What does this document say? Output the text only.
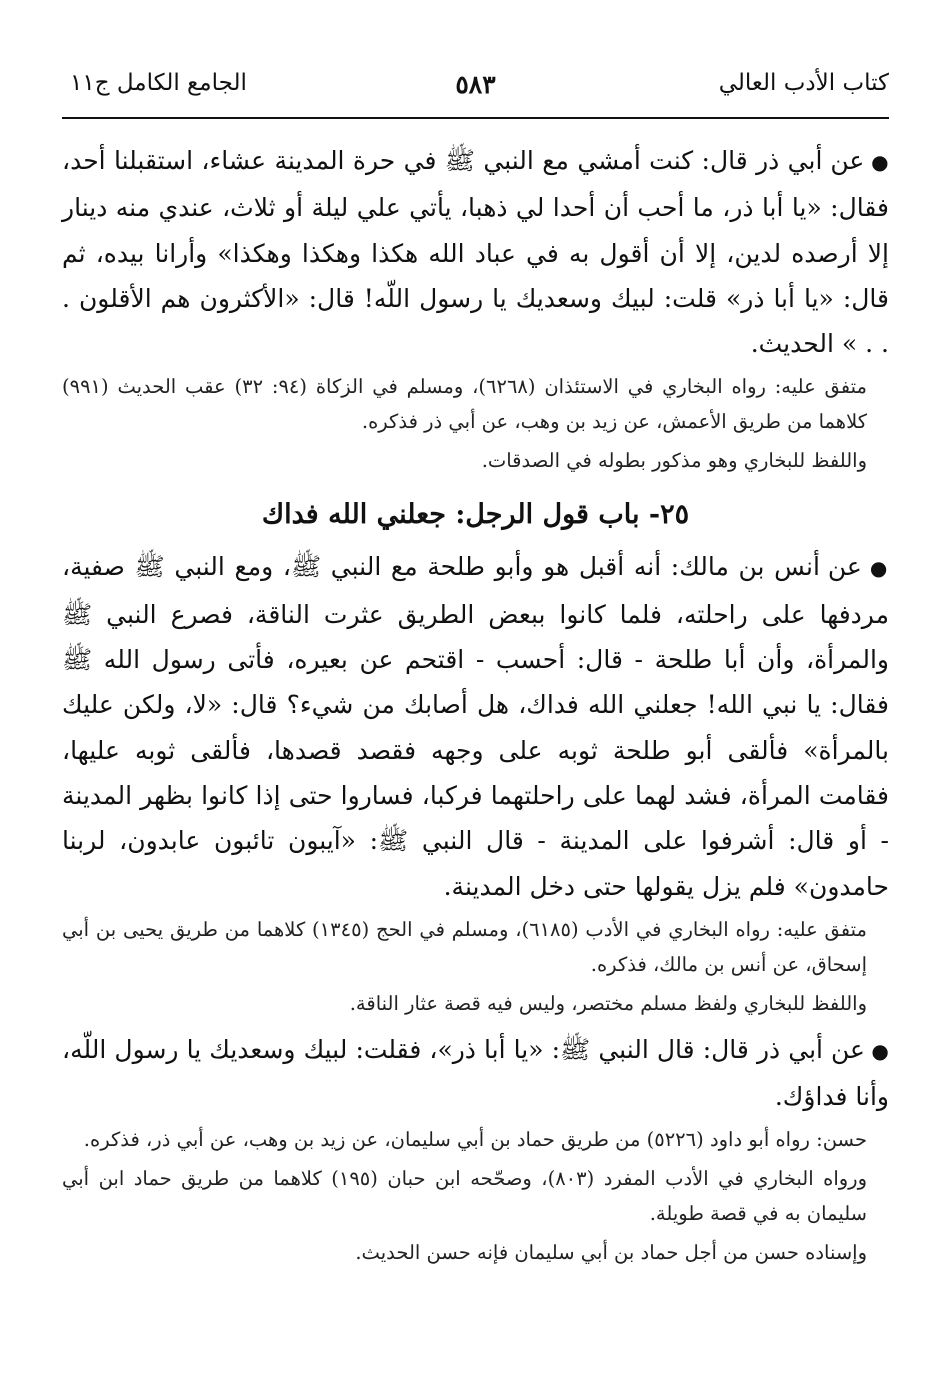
كتاب الأدب العالي
٥٨٣
الجامع الكامل ج١١

● عن أبي ذر قال: كنت أمشي مع النبي ﷺ في حرة المدينة عشاء، استقبلنا أحد، فقال: «يا أبا ذر، ما أحب أن أحدا لي ذهبا، يأتي علي ليلة أو ثلاث، عندي منه دينار إلا أرصده لدين، إلا أن أقول به في عباد الله هكذا وهكذا وهكذا» وأرانا بيده، ثم قال: «يا أبا ذر» قلت: لبيك وسعديك يا رسول اللّه! قال: «الأكثرون هم الأقلون . . . » الحديث.

متفق عليه: رواه البخاري في الاستئذان (٦٢٦٨)، ومسلم في الزكاة (٩٤: ٣٢) عقب الحديث (٩٩١) كلاهما من طريق الأعمش، عن زيد بن وهب، عن أبي ذر فذكره.

واللفظ للبخاري وهو مذكور بطوله في الصدقات.

٢٥- باب قول الرجل: جعلني الله فداك

● عن أنس بن مالك: أنه أقبل هو وأبو طلحة مع النبي ﷺ، ومع النبي ﷺ صفية، مردفها على راحلته، فلما كانوا ببعض الطريق عثرت الناقة، فصرع النبي ﷺ والمرأة، وأن أبا طلحة - قال: أحسب - اقتحم عن بعيره، فأتى رسول الله ﷺ فقال: يا نبي الله! جعلني الله فداك، هل أصابك من شيء؟ قال: «لا، ولكن عليك بالمرأة» فألقى أبو طلحة ثوبه على وجهه فقصد قصدها، فألقى ثوبه عليها، فقامت المرأة، فشد لهما على راحلتهما فركبا، فساروا حتى إذا كانوا بظهر المدينة - أو قال: أشرفوا على المدينة - قال النبي ﷺ: «آيبون تائبون عابدون، لربنا حامدون» فلم يزل يقولها حتى دخل المدينة.

متفق عليه: رواه البخاري في الأدب (٦١٨٥)، ومسلم في الحج (١٣٤٥) كلاهما من طريق يحيى بن أبي إسحاق، عن أنس بن مالك، فذكره.

واللفظ للبخاري ولفظ مسلم مختصر، وليس فيه قصة عثار الناقة.

● عن أبي ذر قال: قال النبي ﷺ: «يا أبا ذر»، فقلت: لبيك وسعديك يا رسول اللّه، وأنا فداؤك.

حسن: رواه أبو داود (٥٢٢٦) من طريق حماد بن أبي سليمان، عن زيد بن وهب، عن أبي ذر، فذكره.

ورواه البخاري في الأدب المفرد (٨٠٣)، وصحّحه ابن حبان (١٩٥) كلاهما من طريق حماد ابن أبي سليمان به في قصة طويلة.

وإسناده حسن من أجل حماد بن أبي سليمان فإنه حسن الحديث.
